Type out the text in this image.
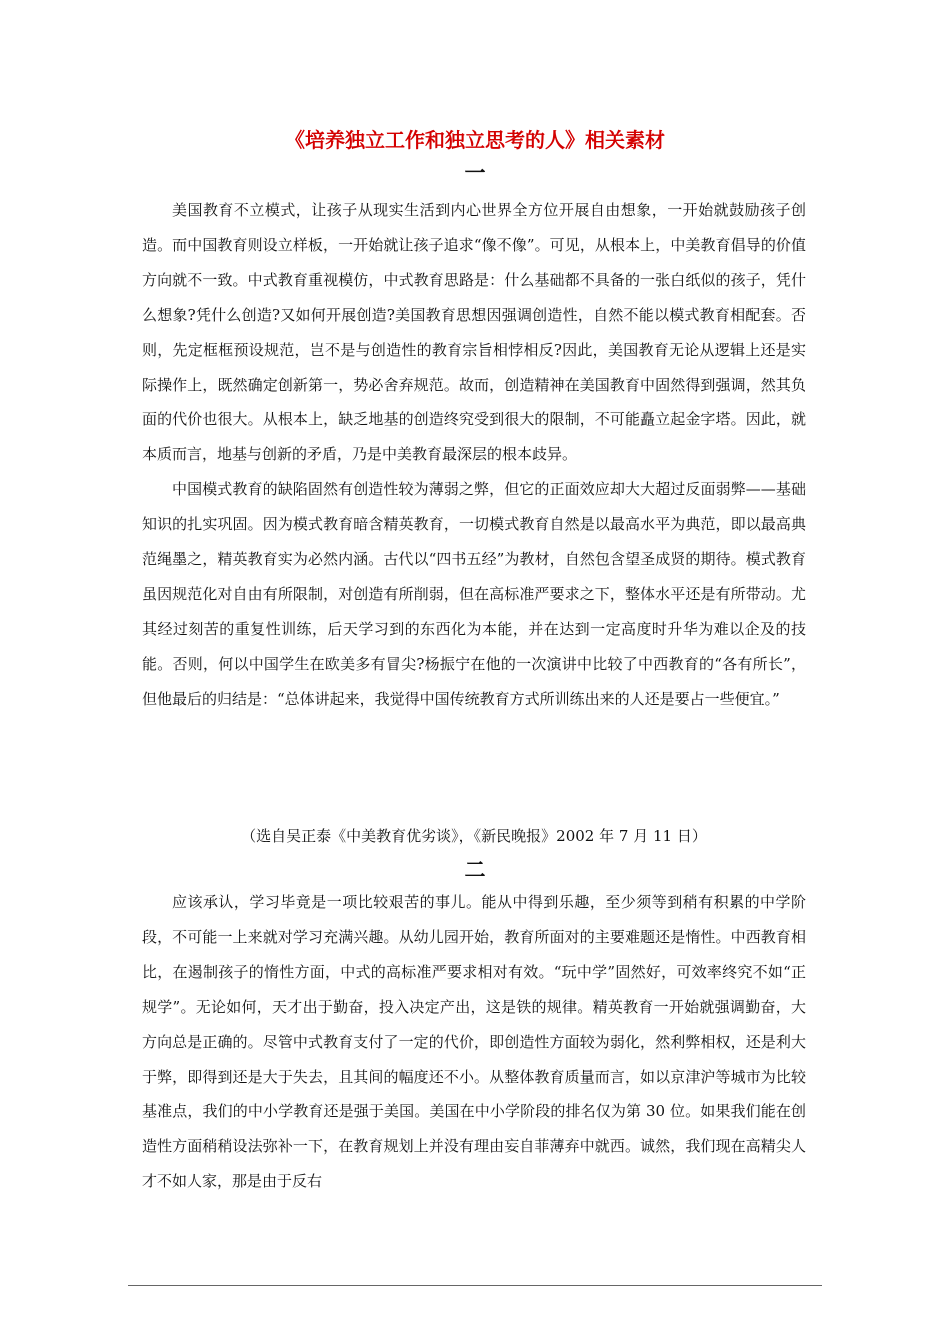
《培养独立工作和独立思考的人》相关素材
一

美国教育不立模式，让孩子从现实生活到内心世界全方位开展自由想象，一开始就鼓励孩子创造。而中国教育则设立样板，一开始就让孩子追求“像不像”。可见，从根本上，中美教育倡导的价值方向就不一致。中式教育重视模仿，中式教育思路是：什么基础都不具备的一张白纸似的孩子，凭什么想象?凭什么创造?又如何开展创造?美国教育思想因强调创造性，自然不能以模式教育相配套。否则，先定框框预设规范，岂不是与创造性的教育宗旨相悖相反?因此，美国教育无论从逻辑上还是实际操作上，既然确定创新第一，势必舍弃规范。故而，创造精神在美国教育中固然得到强调，然其负面的代价也很大。从根本上，缺乏地基的创造终究受到很大的限制，不可能矗立起金字塔。因此，就本质而言，地基与创新的矛盾，乃是中美教育最深层的根本歧异。

中国模式教育的缺陷固然有创造性较为薄弱之弊，但它的正面效应却大大超过反面弱弊——基础知识的扎实巩固。因为模式教育暗含精英教育，一切模式教育自然是以最高水平为典范，即以最高典范绳墨之，精英教育实为必然内涵。古代以“四书五经”为教材，自然包含望圣成贤的期待。模式教育虽因规范化对自由有所限制，对创造有所削弱，但在高标准严要求之下，整体水平还是有所带动。尤其经过刻苦的重复性训练，后天学习到的东西化为本能，并在达到一定高度时升华为难以企及的技能。否则，何以中国学生在欧美多有冒尖?杨振宁在他的一次演讲中比较了中西教育的“各有所长”，但他最后的归结是：“总体讲起来，我觉得中国传统教育方式所训练出来的人还是要占一些便宜。”

（选自吴正泰《中美教育优劣谈》，《新民晚报》2002 年 7 月 11 日）

二

应该承认，学习毕竟是一项比较艰苦的事儿。能从中得到乐趣，至少须等到稍有积累的中学阶段，不可能一上来就对学习充满兴趣。从幼儿园开始，教育所面对的主要难题还是惰性。中西教育相比，在遏制孩子的惰性方面，中式的高标准严要求相对有效。“玩中学”固然好，可效率终究不如“正规学”。无论如何，天才出于勤奋，投入决定产出，这是铁的规律。精英教育一开始就强调勤奋，大方向总是正确的。尽管中式教育支付了一定的代价，即创造性方面较为弱化，然利弊相权，还是利大于弊，即得到还是大于失去，且其间的幅度还不小。从整体教育质量而言，如以京津沪等城市为比较基准点，我们的中小学教育还是强于美国。美国在中小学阶段的排名仅为第 30 位。如果我们能在创造性方面稍稍设法弥补一下，在教育规划上并没有理由妄自菲薄弃中就西。诚然，我们现在高精尖人才不如人家，那是由于反右
